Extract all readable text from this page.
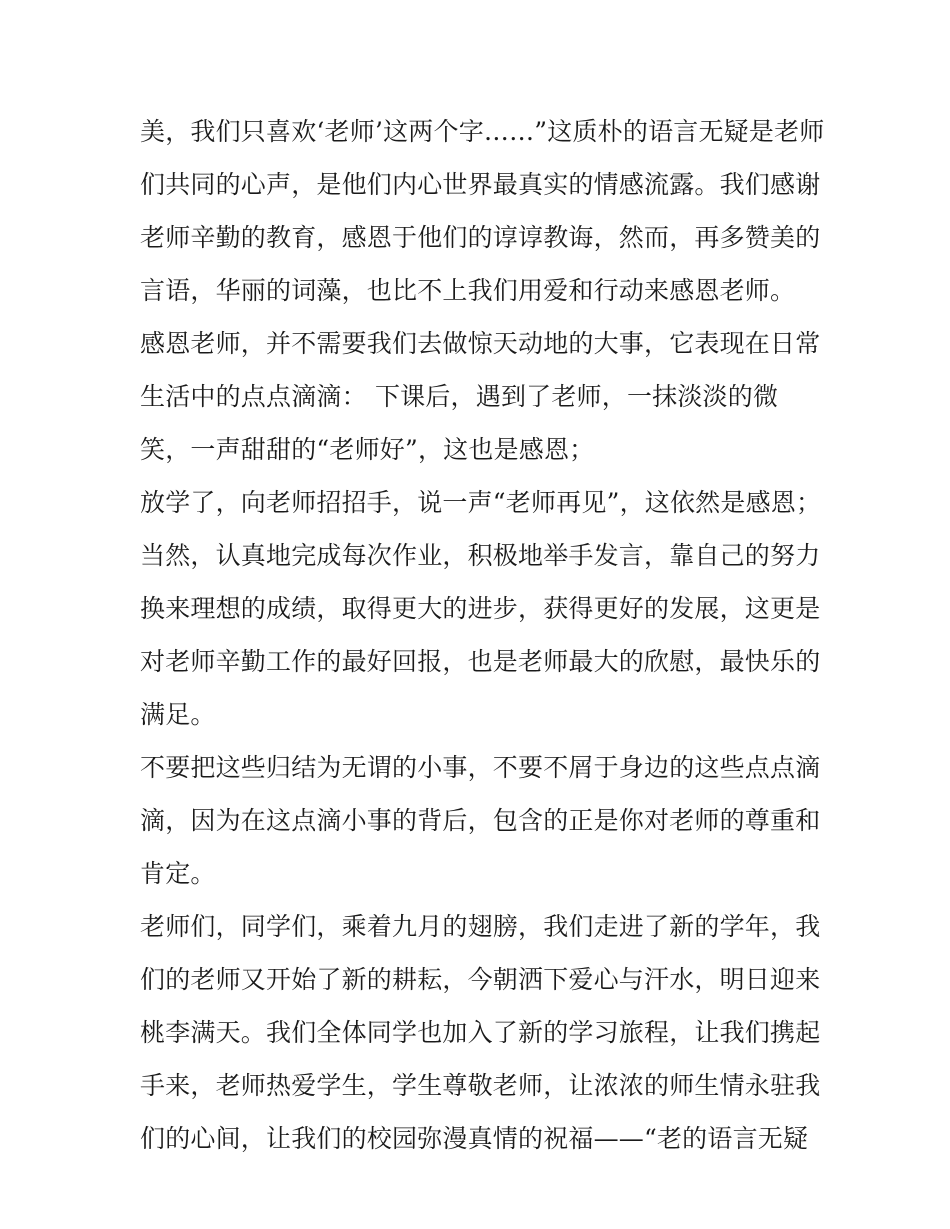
美，我们只喜欢‘老师’这两个字……”这质朴的语言无疑是老师
们共同的心声，是他们内心世界最真实的情感流露。我们感谢
老师辛勤的教育，感恩于他们的谆谆教诲，然而，再多赞美的
言语，华丽的词藻，也比不上我们用爱和行动来感恩老师。
感恩老师，并不需要我们去做惊天动地的大事，它表现在日常
生活中的点点滴滴： 下课后，遇到了老师，一抹淡淡的微
笑，一声甜甜的“老师好”，这也是感恩；
放学了，向老师招招手，说一声“老师再见”，这依然是感恩；
当然，认真地完成每次作业，积极地举手发言，靠自己的努力
换来理想的成绩，取得更大的进步，获得更好的发展，这更是
对老师辛勤工作的最好回报，也是老师最大的欣慰，最快乐的
满足。
不要把这些归结为无谓的小事，不要不屑于身边的这些点点滴
滴，因为在这点滴小事的背后，包含的正是你对老师的尊重和
肯定。
老师们，同学们，乘着九月的翅膀，我们走进了新的学年，我
们的老师又开始了新的耕耘，今朝洒下爱心与汗水，明日迎来
桃李满天。我们全体同学也加入了新的学习旅程，让我们携起
手来，老师热爱学生，学生尊敬老师，让浓浓的师生情永驻我
们的心间，让我们的校园弥漫真情的祝福——“老的语言无疑
